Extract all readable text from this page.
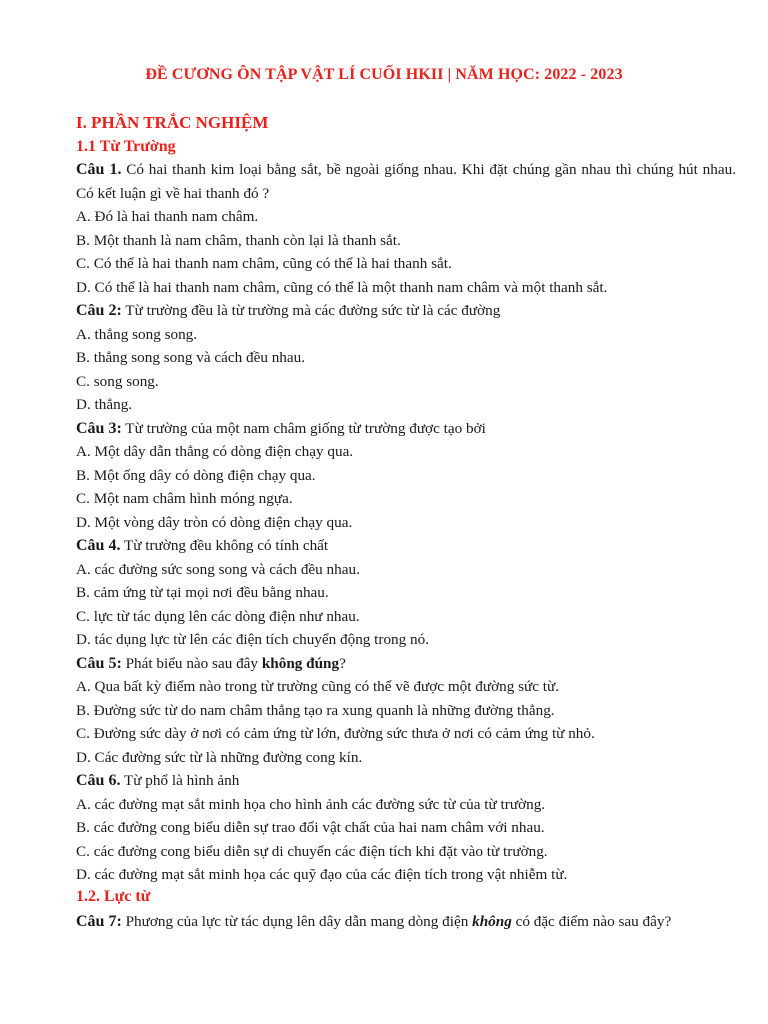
ĐỀ CƯƠNG ÔN TẬP VẬT LÍ CUỐI HKII | NĂM HỌC: 2022 - 2023
I. PHẦN TRẮC NGHIỆM
1.1 Từ Trường

Câu 1. Có hai thanh kim loại bằng sắt, bề ngoài giống nhau. Khi đặt chúng gần nhau thì chúng hút nhau. Có kết luận gì về hai thanh đó ?

A. Đó là hai thanh nam châm.

B. Một thanh là nam châm, thanh còn lại là thanh sắt.

C. Có thể là hai thanh nam châm, cũng có thể là hai thanh sắt.

D. Có thể là hai thanh nam châm, cũng có thể là một thanh nam châm và một thanh sắt.

Câu 2: Từ trường đều là từ trường mà các đường sức từ là các đường

A. thẳng song song.

B. thẳng song song và cách đều nhau.

C. song song.

D. thẳng.

Câu 3: Từ trường của một nam châm giống từ trường được tạo bởi

A. Một dây dẫn thẳng có dòng điện chạy qua.

B. Một ống dây có dòng điện chạy qua.

C. Một nam châm hình móng ngựa.

D. Một vòng dây tròn có dòng điện chạy qua.

Câu 4. Từ trường đều không có tính chất

A. các đường sức song song và cách đều nhau.

B. cảm ứng từ tại mọi nơi đều bằng nhau.

C. lực từ tác dụng lên các dòng điện như nhau.

D. tác dụng lực từ lên các điện tích chuyển động trong nó.

Câu 5: Phát biểu nào sau đây không đúng?

A. Qua bất kỳ điểm nào trong từ trường cũng có thể vẽ được một đường sức từ.

B. Đường sức từ do nam châm thẳng tạo ra xung quanh là những đường thẳng.

C. Đường sức dày ở nơi có cảm ứng từ lớn, đường sức thưa ở nơi có cảm ứng từ nhỏ.

D. Các đường sức từ là những đường cong kín.

Câu 6. Từ phổ là hình ảnh

A. các đường mạt sắt minh họa cho hình ảnh các đường sức từ của từ trường.

B. các đường cong biểu diễn sự trao đổi vật chất của hai nam châm với nhau.

C. các đường cong biểu diễn sự di chuyển các điện tích khi đặt vào từ trường.

D. các đường mạt sắt minh họa các quỹ đạo của các điện tích trong vật nhiễm từ.

1.2. Lực từ

Câu 7: Phương của lực từ tác dụng lên dây dẫn mang dòng điện không có đặc điểm nào sau đây?
